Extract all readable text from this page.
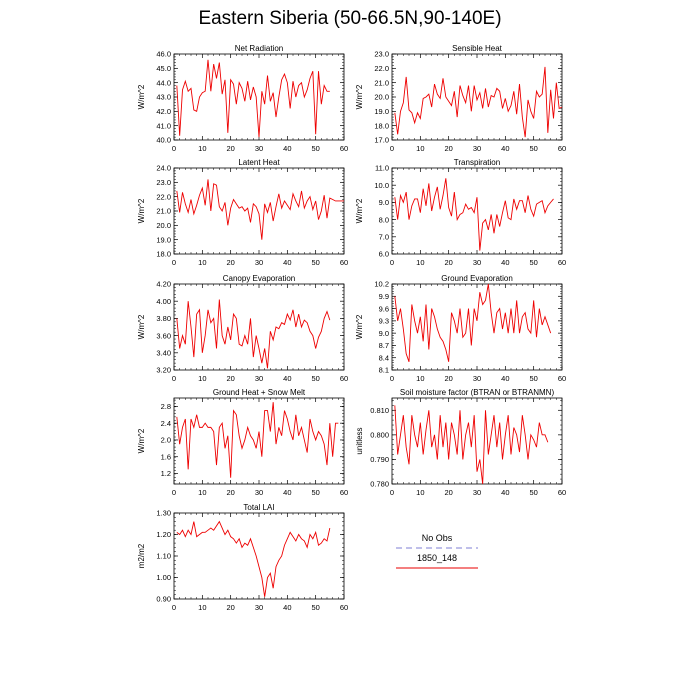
Eastern Siberia (50-66.5N,90-140E)
Net Radiation
W/m^2
0	10	20	30	40	50	60
40.0
41.0
42.0
43.0
44.0
45.0
46.0
Sensible Heat
W/m^2
0	10	20	30	40	50	60
17.0
18.0
19.0
20.0
21.0
22.0
23.0
Latent Heat
W/m^2
0	10	20	30	40	50	60
18.0
19.0
20.0
21.0
22.0
23.0
24.0
Transpiration
W/m^2
0	10	20	30	40	50	60
6.0
7.0
8.0
9.0
10.0
11.0
Canopy Evaporation
W/m^2
0	10	20	30	40	50	60
3.20
3.40
3.60
3.80
4.00
4.20
Ground Evaporation
W/m^2
0	10	20	30	40	50	60
8.1
8.4
8.7
9.0
9.3
9.6
9.9
10.2
Ground Heat + Snow Melt
W/m^2
0	10	20	30	40	50	60
1.2
1.6
2.0
2.4
2.8
Soil moisture factor (BTRAN or BTRANMN)
unitless
0	10	20	30	40	50	60
0.780
0.790
0.800
0.810
Total LAI
m2/m2
0	10	20	30	40	50	60
0.90
1.00
1.10
1.20
1.30
No Obs
1850_148
